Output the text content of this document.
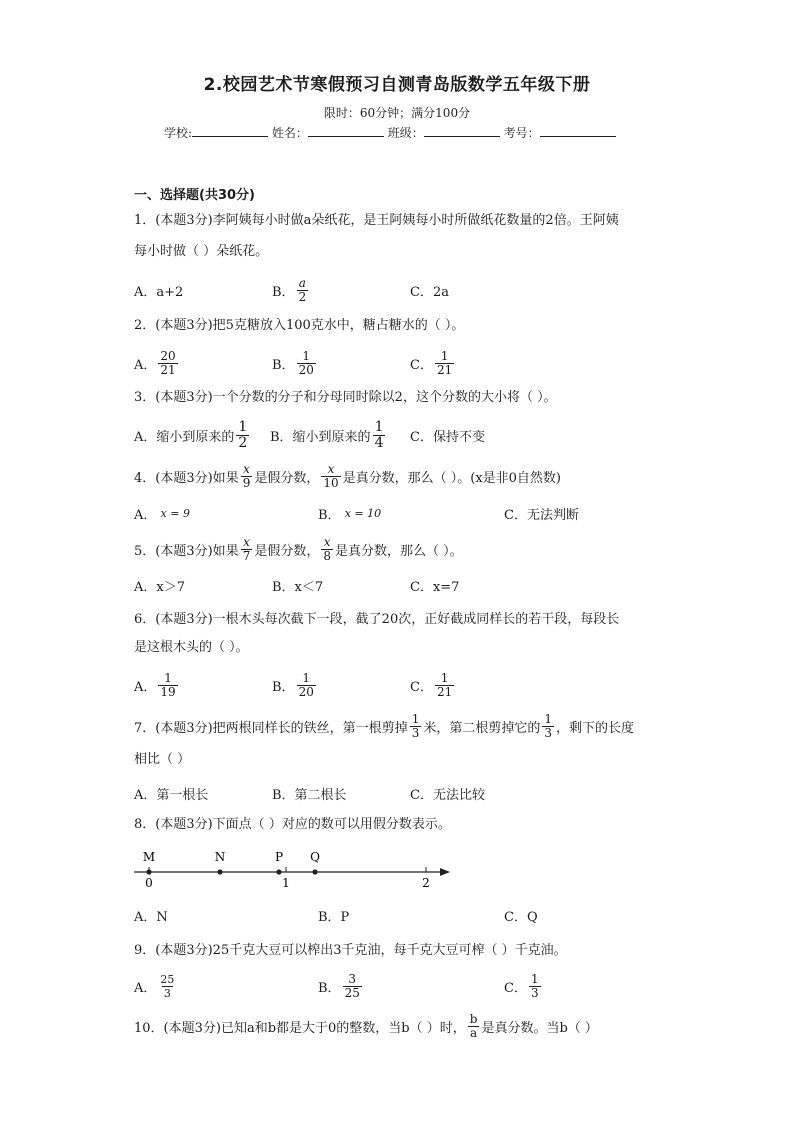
2.校园艺术节寒假预习自测青岛版数学五年级下册
限时：60分钟；满分100分
学校:	姓名：	班级：	考号：
一、选择题(共30分)
1．(本题3分)李阿姨每小时做a朵纸花，是王阿姨每小时所做纸花数量的2倍。王阿姨
每小时做（ ）朵纸花。
A．a+2	B． $\frac{a}{2}$	C．2a
2．(本题3分)把5克糖放入100克水中，糖占糖水的（ ）。
A． $\frac{20}{21}$	B． $\frac{1}{20}$	C． $\frac{1}{21}$
3．(本题3分)一个分数的分子和分母同时除以2，这个分数的大小将（ ）。
A．缩小到原来的 $\frac{1}{2}$ B．缩小到原来的 $\frac{1}{4}$ C．保持不变
4．(本题3分)如果 $\frac{x}{9}$ 是假分数， $\frac{x}{10}$ 是真分数，那么（ ）。(x是非0自然数)
A．
x = 9	B．
x = 10	C．无法判断
5．(本题3分)如果 $\frac{x}{7}$ 是假分数， $\frac{x}{8}$ 是真分数，那么（ ）。
A．x＞7	B．x＜7	C．x=7
6．(本题3分)一根木头每次截下一段，截了20次，正好截成同样长的若干段，每段长
是这根木头的（ ）。
A． $\frac{1}{19}$	B． $\frac{1}{20}$	C． $\frac{1}{21}$
7．(本题3分)把两根同样长的铁丝，第一根剪掉 $\frac{1}{3}$ 米，第二根剪掉它的 $\frac{1}{3}$ ，剩下的长度
相比（ ）
A．第一根长	B．第二根长	C．无法比较
8．(本题3分)下面点（ ）对应的数可以用假分数表示。
M	N	P Q
0	1	2
A．N	B．P	C．Q
9．(本题3分)25千克大豆可以榨出3千克油，每千克大豆可榨（ ）千克油。
A． $\frac{25}{3}$	B． $\frac{3}{25}$	C． $\frac{1}{3}$
10．(本题3分)已知a和b都是大于0的整数，当b（ ）时， $\frac{b}{a}$ 是真分数。当b（ ）
